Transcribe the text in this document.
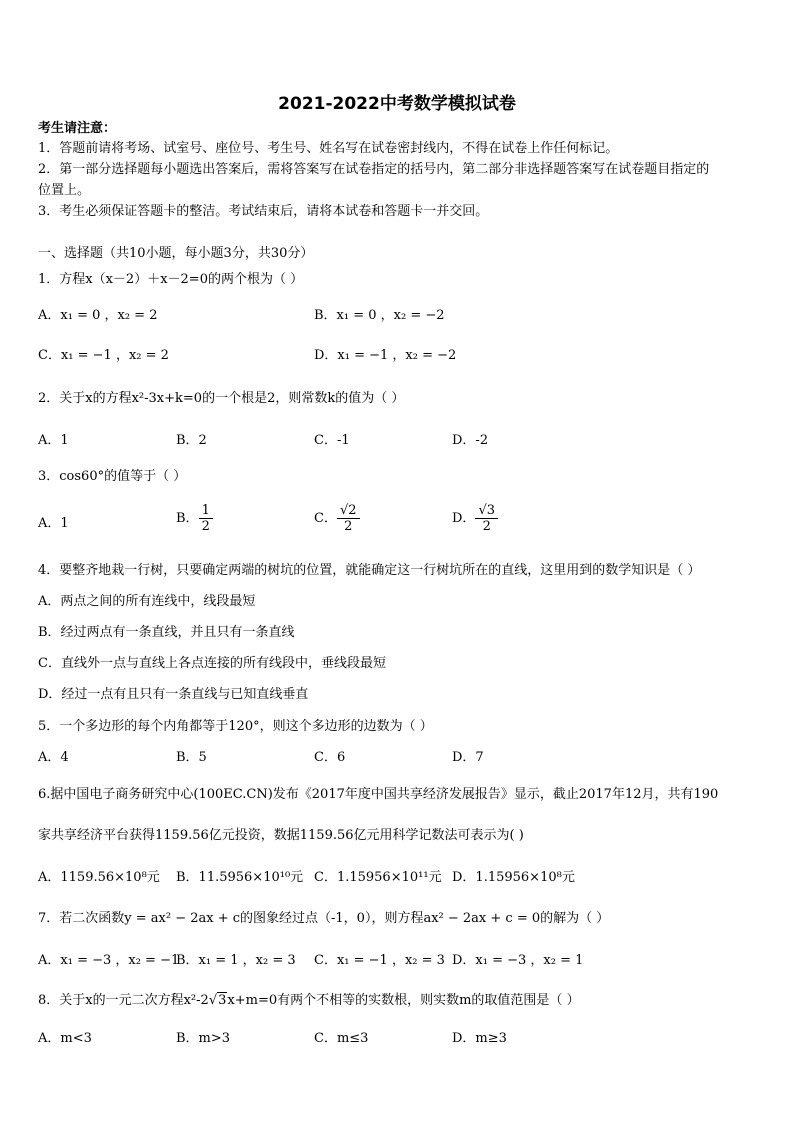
2021-2022中考数学模拟试卷
考生请注意：
1．答题前请将考场、试室号、座位号、考生号、姓名写在试卷密封线内，不得在试卷上作任何标记。
2．第一部分选择题每小题选出答案后，需将答案写在试卷指定的括号内，第二部分非选择题答案写在试卷题目指定的
位置上。
3．考生必须保证答题卡的整洁。考试结束后，请将本试卷和答题卡一并交回。
一、选择题（共10小题，每小题3分，共30分）
1．方程x（x－2）＋x－2=0的两个根为（ ）
A．x₁ = 0 ，x₂ = 2	B．x₁ = 0 ，x₂ = −2
C．x₁ = −1 ，x₂ = 2	D．x₁ = −1 ，x₂ = −2
2．关于x的方程x²-3x+k=0的一个根是2，则常数k的值为（ ）
A．1	B．2	C．-1	D．-2
3．cos60°的值等于（ ）
A．1	B． $\frac{1}{2}$	C． $\frac{√2}{2}$	D． $\frac{√3}{2}$
4．要整齐地栽一行树，只要确定两端的树坑的位置，就能确定这一行树坑所在的直线，这里用到的数学知识是（ ）
A．两点之间的所有连线中，线段最短
B．经过两点有一条直线，并且只有一条直线
C．直线外一点与直线上各点连接的所有线段中，垂线段最短
D．经过一点有且只有一条直线与已知直线垂直
5．一个多边形的每个内角都等于120°，则这个多边形的边数为（ ）
A．4	B．5	C．6	D．7
6.据中国电子商务研究中心(100EC.CN)发布《2017年度中国共享经济发展报告》显示，截止2017年12月，共有190
家共享经济平台获得1159.56亿元投资，数据1159.56亿元用科学记数法可表示为( )
A．1159.56×10⁸元 B．11.5956×10¹⁰元 C．1.15956×10¹¹元 D．1.15956×10⁸元
7．若二次函数y = ax² − 2ax + c的图象经过点（-1，0），则方程ax² − 2ax + c = 0的解为（ ）
A．x₁ = −3 ，x₂ = −1
B．x₁ = 1 ，x₂ = 3 C．x₁ = −1 ，x₂ = 3 D．x₁ = −3 ，x₂ = 1
8．关于x的一元二次方程x²-2√3x+m=0有两个不相等的实数根，则实数m的取值范围是（ ）
A．m<3	B．m>3	C．m≤3	D．m≥3
